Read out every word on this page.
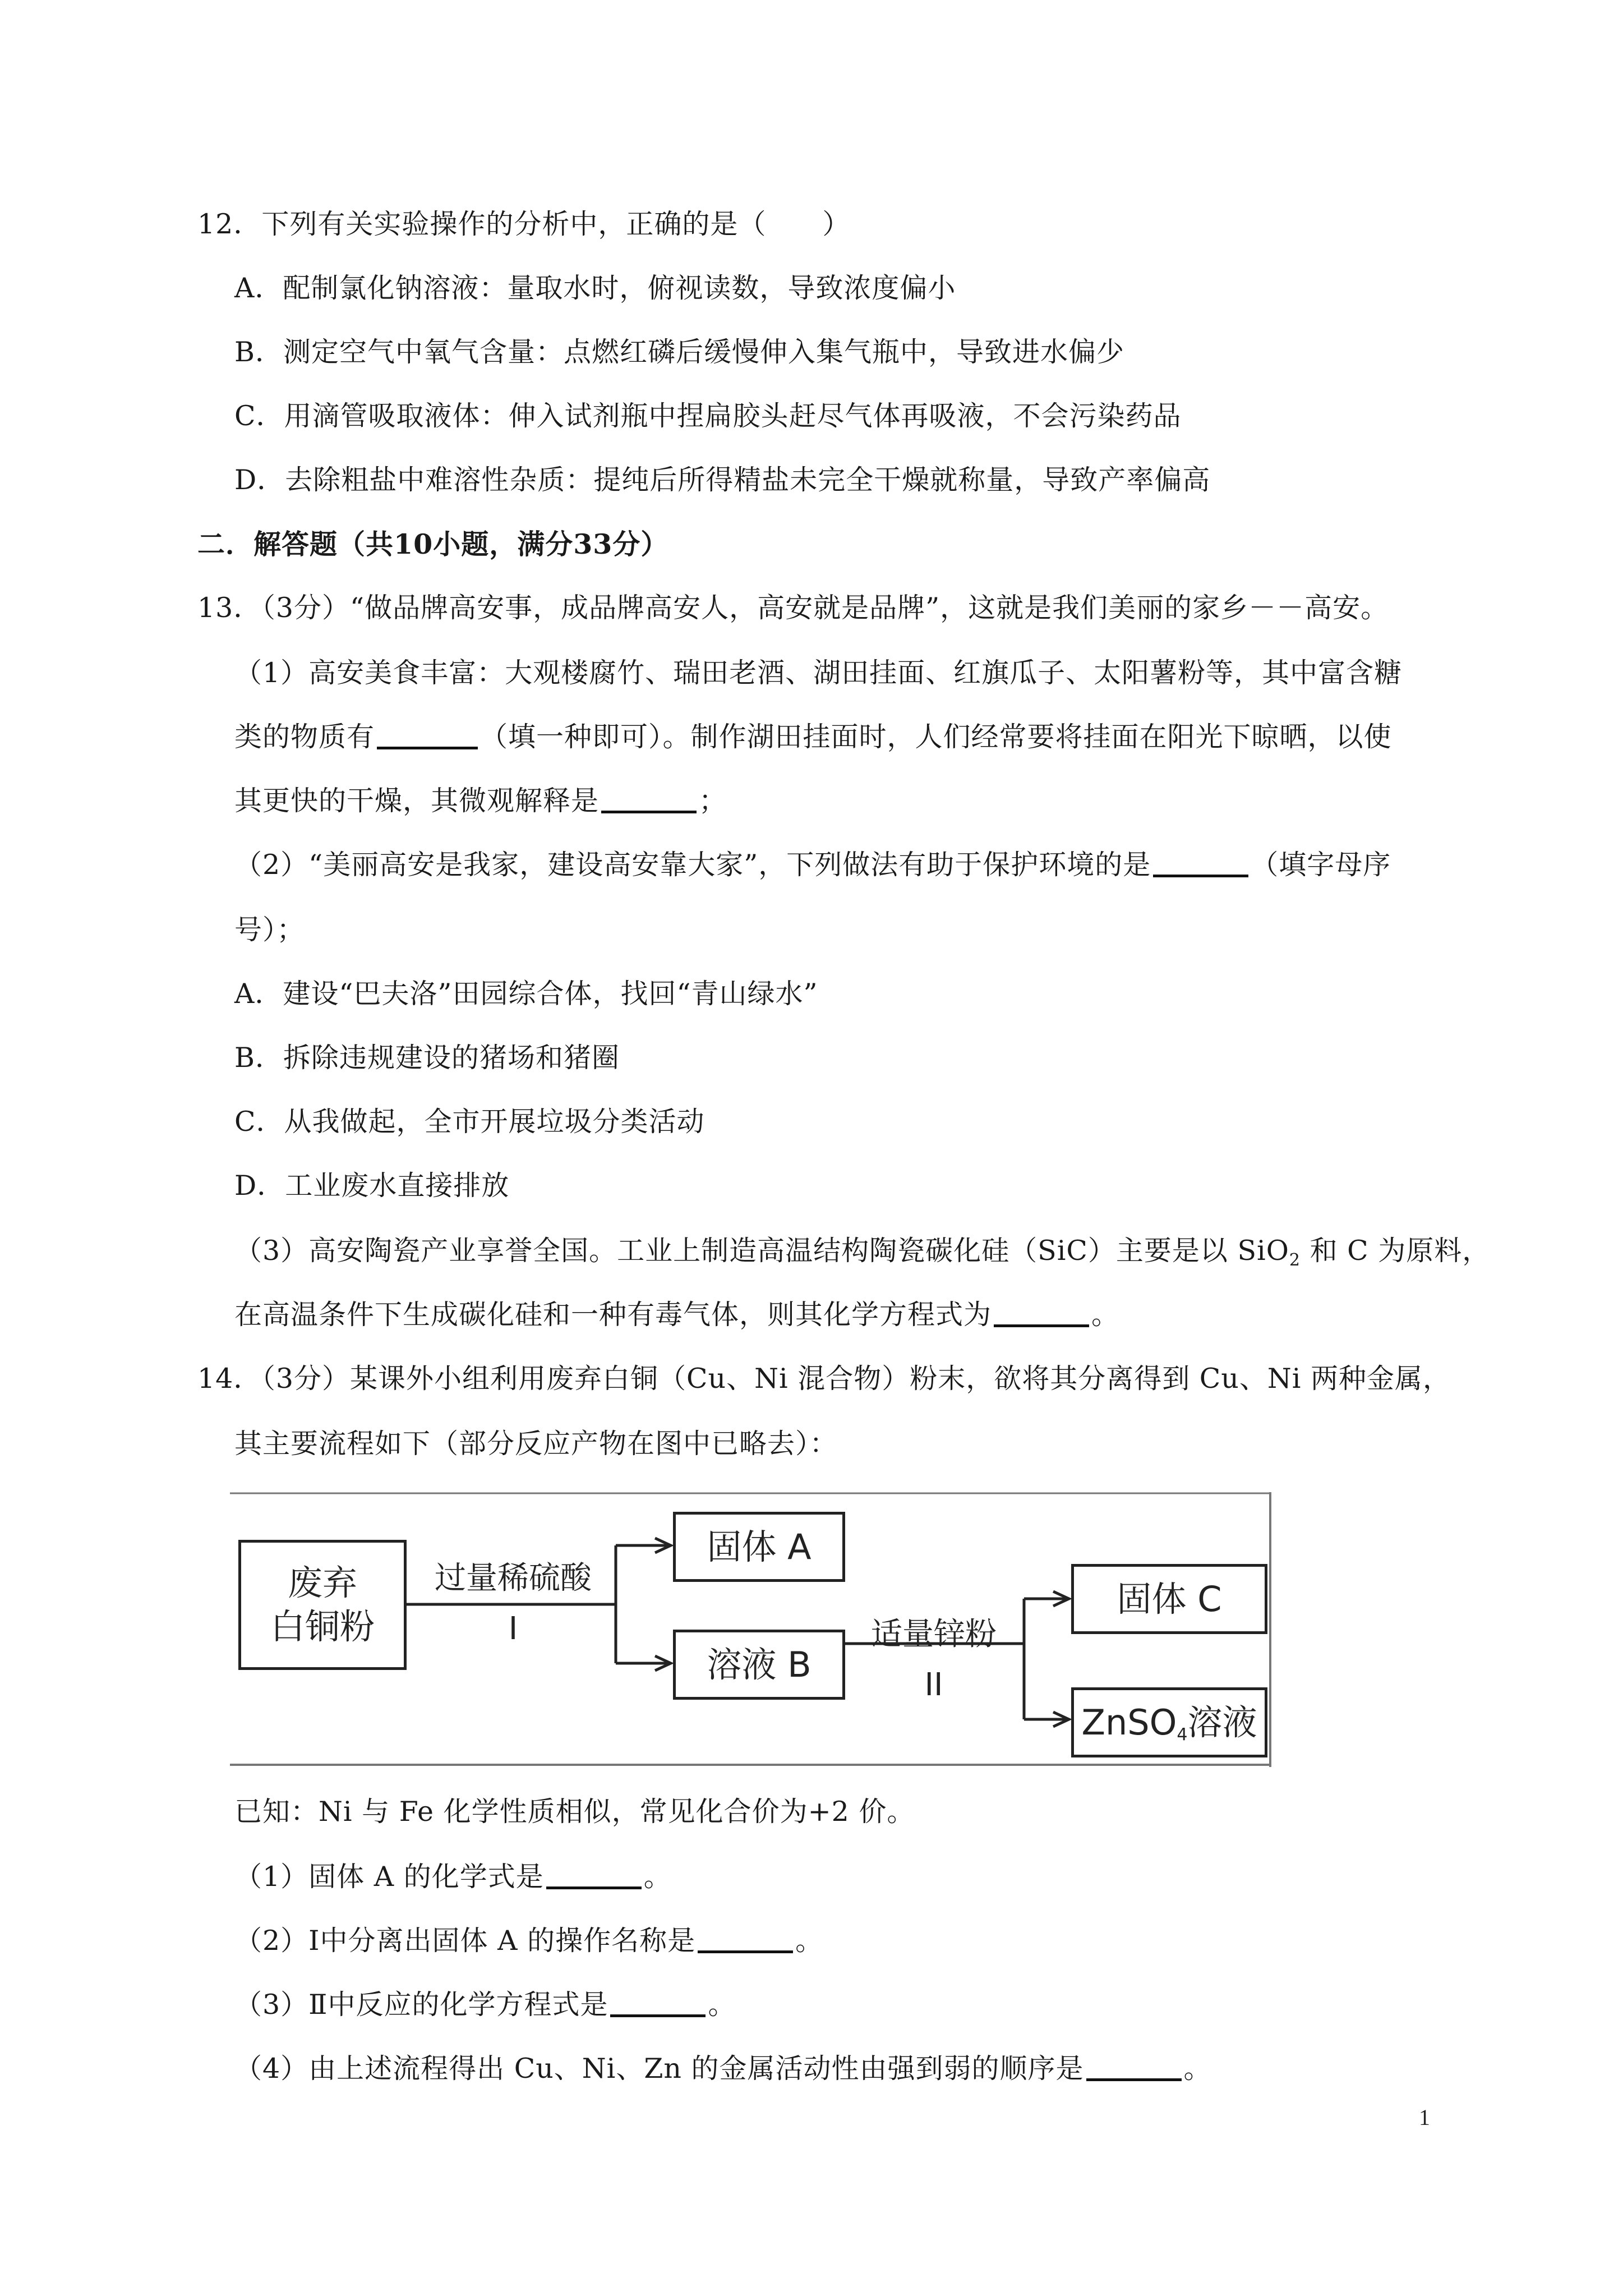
12．下列有关实验操作的分析中，正确的是（　　）
A．配制氯化钠溶液：量取水时，俯视读数，导致浓度偏小
B．测定空气中氧气含量：点燃红磷后缓慢伸入集气瓶中，导致进水偏少
C．用滴管吸取液体：伸入试剂瓶中捏扁胶头赶尽气体再吸液，不会污染药品
D．去除粗盐中难溶性杂质：提纯后所得精盐未完全干燥就称量，导致产率偏高
二．解答题（共10小题，满分33分）
13．（3分）“做品牌高安事，成品牌高安人，高安就是品牌”，这就是我们美丽的家乡－－高安。
（1）高安美食丰富：大观楼腐竹、瑞田老酒、湖田挂面、红旗瓜子、太阳薯粉等，其中富含糖
类的物质有	（填一种即可）。制作湖田挂面时，人们经常要将挂面在阳光下晾晒，以使
其更快的干燥，其微观解释是	；
（2）“美丽高安是我家，建设高安靠大家”，下列做法有助于保护环境的是	（填字母序
号）；
A．建设“巴夫洛”田园综合体，找回“青山绿水”
B．拆除违规建设的猪场和猪圈
C．从我做起，全市开展垃圾分类活动
D．工业废水直接排放
（3）高安陶瓷产业享誉全国。工业上制造高温结构陶瓷碳化硅（SiC）主要是以 SiO$_2$ 和 C 为原料，
在高温条件下生成碳化硅和一种有毒气体，则其化学方程式为	。
14．（3分）某课外小组利用废弃白铜（Cu、Ni 混合物）粉末，欲将其分离得到 Cu、Ni 两种金属，
其主要流程如下（部分反应产物在图中已略去）：
废弃
白铜粉
过量稀硫酸
I
固体 A
溶液 B
适量锌粉
II
固体 C
ZnSO$_4$溶液
已知：Ni 与 Fe 化学性质相似，常见化合价为+2 价。
（1）固体 A 的化学式是	。
（2）Ⅰ中分离出固体 A 的操作名称是	。
（3）Ⅱ中反应的化学方程式是	。
（4）由上述流程得出 Cu、Ni、Zn 的金属活动性由强到弱的顺序是	。
1
